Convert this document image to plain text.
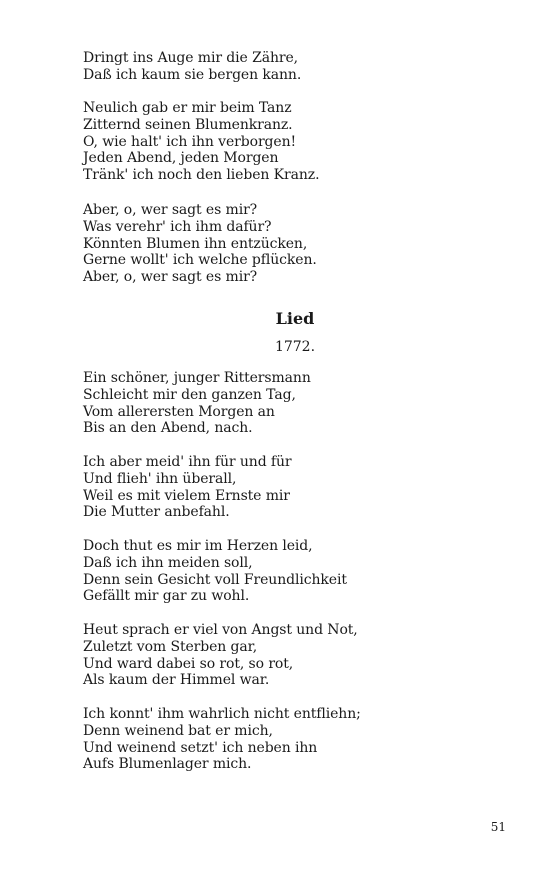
Dringt ins Auge mir die Zähre,
Daß ich kaum sie bergen kann.
Neulich gab er mir beim Tanz
Zitternd seinen Blumenkranz.
O, wie halt' ich ihn verborgen!
Jeden Abend, jeden Morgen
Tränk' ich noch den lieben Kranz.
Aber, o, wer sagt es mir?
Was verehr' ich ihm dafür?
Könnten Blumen ihn entzücken,
Gerne wollt' ich welche pflücken.
Aber, o, wer sagt es mir?
Lied
1772.
Ein schöner, junger Rittersmann
Schleicht mir den ganzen Tag,
Vom allerersten Morgen an
Bis an den Abend, nach.
Ich aber meid' ihn für und für
Und flieh' ihn überall,
Weil es mit vielem Ernste mir
Die Mutter anbefahl.
Doch thut es mir im Herzen leid,
Daß ich ihn meiden soll,
Denn sein Gesicht voll Freundlichkeit
Gefällt mir gar zu wohl.
Heut sprach er viel von Angst und Not,
Zuletzt vom Sterben gar,
Und ward dabei so rot, so rot,
Als kaum der Himmel war.
Ich konnt' ihm wahrlich nicht entfliehn;
Denn weinend bat er mich,
Und weinend setzt' ich neben ihn
Aufs Blumenlager mich.
51
